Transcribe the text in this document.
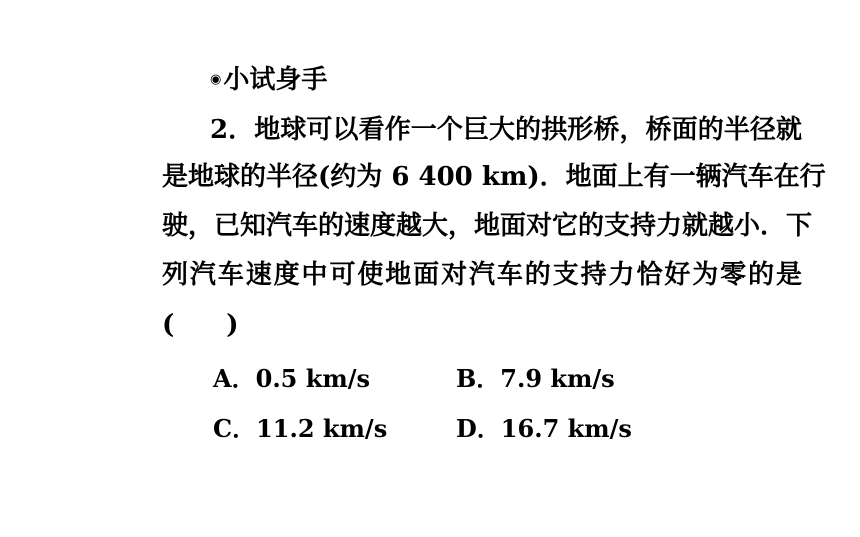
◉ 小试身手
2．地球可以看作一个巨大的拱形桥，桥面的半径就
是地球的半径(约为 6 400 km)．地面上有一辆汽车在行
驶，已知汽车的速度越大，地面对它的支持力就越小．下
列汽车速度中可使地面对汽车的支持力恰好为零的是
(　　)
A．0.5 km/s	B．7.9 km/s
C．11.2 km/s	D．16.7 km/s
